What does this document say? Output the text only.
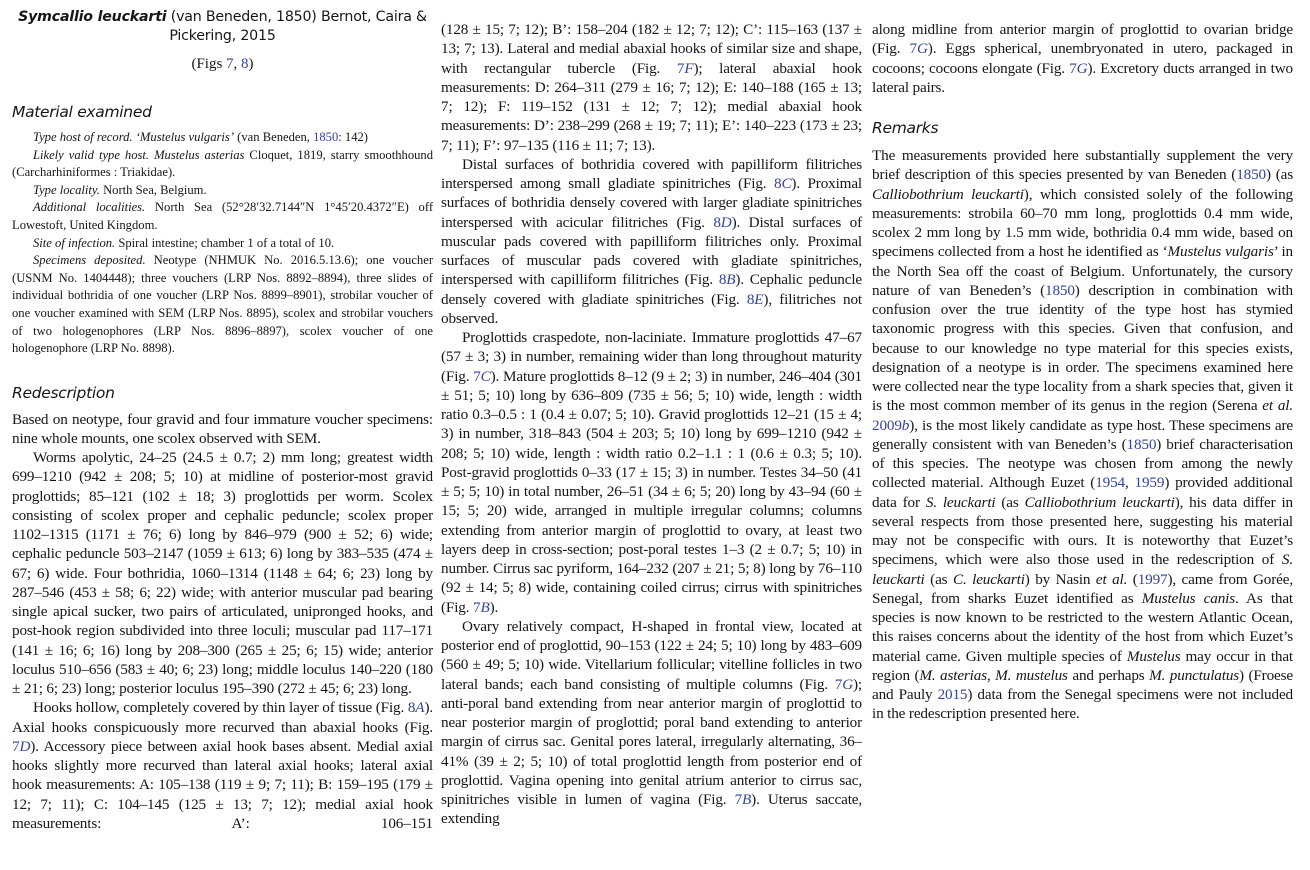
Symcallio leuckarti (van Beneden, 1850) Bernot, Caira & Pickering, 2015
(Figs 7, 8)
Material examined

Type host of record. ‘Mustelus vulgaris’ (van Beneden, 1850: 142)

Likely valid type host. Mustelus asterias Cloquet, 1819, starry smoothhound (Carcharhiniformes : Triakidae).

Type locality. North Sea, Belgium.

Additional localities. North Sea (52°28′32.7144″N 1°45′20.4372″E) off Lowestoft, United Kingdom.

Site of infection. Spiral intestine; chamber 1 of a total of 10.

Specimens deposited. Neotype (NHMUK No. 2016.5.13.6); one voucher (USNM No. 1404448); three vouchers (LRP Nos. 8892–8894), three slides of individual bothridia of one voucher (LRP Nos. 8899–8901), strobilar voucher of one voucher examined with SEM (LRP Nos. 8895), scolex and strobilar vouchers of two hologenophores (LRP Nos. 8896–8897), scolex voucher of one hologenophore (LRP No. 8898).

Redescription

Based on neotype, four gravid and four immature voucher specimens: nine whole mounts, one scolex observed with SEM.

Worms apolytic, 24–25 (24.5 ± 0.7; 2) mm long; greatest width 699–1210 (942 ± 208; 5; 10) at midline of posterior-most gravid proglottids; 85–121 (102 ± 18; 3) proglottids per worm. Scolex consisting of scolex proper and cephalic peduncle; scolex proper 1102–1315 (1171 ± 76; 6) long by 846–979 (900 ± 52; 6) wide; cephalic peduncle 503–2147 (1059 ± 613; 6) long by 383–535 (474 ± 67; 6) wide. Four bothridia, 1060–1314 (1148 ± 64; 6; 23) long by 287–546 (453 ± 58; 6; 22) wide; with anterior muscular pad bearing single apical sucker, two pairs of articulated, unipronged hooks, and post-hook region subdivided into three loculi; muscular pad 117–171 (141 ± 16; 6; 16) long by 208–300 (265 ± 25; 6; 15) wide; anterior loculus 510–656 (583 ± 40; 6; 23) long; middle loculus 140–220 (180 ± 21; 6; 23) long; posterior loculus 195–390 (272 ± 45; 6; 23) long.

Hooks hollow, completely covered by thin layer of tissue (Fig. 8A). Axial hooks conspicuously more recurved than abaxial hooks (Fig. 7D). Accessory piece between axial hook bases absent. Medial axial hooks slightly more recurved than lateral axial hooks; lateral axial hook measurements: A: 105–138 (119 ± 9; 7; 11); B: 159–195 (179 ± 12; 7; 11); C: 104–145 (125 ± 13; 7; 12); medial axial hook measurements: A’: 106–151

(128 ± 15; 7; 12); B’: 158–204 (182 ± 12; 7; 12); C’: 115–163 (137 ± 13; 7; 13). Lateral and medial abaxial hooks of similar size and shape, with rectangular tubercle (Fig. 7F); lateral abaxial hook measurements: D: 264–311 (279 ± 16; 7; 12); E: 140–188 (165 ± 13; 7; 12); F: 119–152 (131 ± 12; 7; 12); medial abaxial hook measurements: D’: 238–299 (268 ± 19; 7; 11); E’: 140–223 (173 ± 23; 7; 11); F’: 97–135 (116 ± 11; 7; 13).

Distal surfaces of bothridia covered with papilliform filitriches interspersed among small gladiate spinitriches (Fig. 8C). Proximal surfaces of bothridia densely covered with larger gladiate spinitriches interspersed with acicular filitriches (Fig. 8D). Distal surfaces of muscular pads covered with papilliform filitriches only. Proximal surfaces of muscular pads covered with gladiate spinitriches, interspersed with capilliform filitriches (Fig. 8B). Cephalic peduncle densely covered with gladiate spinitriches (Fig. 8E), filitriches not observed.

Proglottids craspedote, non-laciniate. Immature proglottids 47–67 (57 ± 3; 3) in number, remaining wider than long throughout maturity (Fig. 7C). Mature proglottids 8–12 (9 ± 2; 3) in number, 246–404 (301 ± 51; 5; 10) long by 636–809 (735 ± 56; 5; 10) wide, length : width ratio 0.3–0.5 : 1 (0.4 ± 0.07; 5; 10). Gravid proglottids 12–21 (15 ± 4; 3) in number, 318–843 (504 ± 203; 5; 10) long by 699–1210 (942 ± 208; 5; 10) wide, length : width ratio 0.2–1.1 : 1 (0.6 ± 0.3; 5; 10). Post-gravid proglottids 0–33 (17 ± 15; 3) in number. Testes 34–50 (41 ± 5; 5; 10) in total number, 26–51 (34 ± 6; 5; 20) long by 43–94 (60 ± 15; 5; 20) wide, arranged in multiple irregular columns; columns extending from anterior margin of proglottid to ovary, at least two layers deep in cross-section; post-poral testes 1–3 (2 ± 0.7; 5; 10) in number. Cirrus sac pyriform, 164–232 (207 ± 21; 5; 8) long by 76–110 (92 ± 14; 5; 8) wide, containing coiled cirrus; cirrus with spinitriches (Fig. 7B).

Ovary relatively compact, H-shaped in frontal view, located at posterior end of proglottid, 90–153 (122 ± 24; 5; 10) long by 483–609 (560 ± 49; 5; 10) wide. Vitellarium follicular; vitelline follicles in two lateral bands; each band consisting of multiple columns (Fig. 7G); anti-poral band extending from near anterior margin of proglottid to near posterior margin of proglottid; poral band extending to anterior margin of cirrus sac. Genital pores lateral, irregularly alternating, 36–41% (39 ± 2; 5; 10) of total proglottid length from posterior end of proglottid. Vagina opening into genital atrium anterior to cirrus sac, spinitriches visible in lumen of vagina (Fig. 7B). Uterus saccate, extending

along midline from anterior margin of proglottid to ovarian bridge (Fig. 7G). Eggs spherical, unembryonated in utero, packaged in cocoons; cocoons elongate (Fig. 7G). Excretory ducts arranged in two lateral pairs.

Remarks

The measurements provided here substantially supplement the very brief description of this species presented by van Beneden (1850) (as Calliobothrium leuckarti), which consisted solely of the following measurements: strobila 60–70 mm long, proglottids 0.4 mm wide, scolex 2 mm long by 1.5 mm wide, bothridia 0.4 mm wide, based on specimens collected from a host he identified as ‘Mustelus vulgaris’ in the North Sea off the coast of Belgium. Unfortunately, the cursory nature of van Beneden’s (1850) description in combination with confusion over the true identity of the type host has stymied taxonomic progress with this species. Given that confusion, and because to our knowledge no type material for this species exists, designation of a neotype is in order. The specimens examined here were collected near the type locality from a shark species that, given it is the most common member of its genus in the region (Serena et al. 2009b), is the most likely candidate as type host. These specimens are generally consistent with van Beneden’s (1850) brief characterisation of this species. The neotype was chosen from among the newly collected material. Although Euzet (1954, 1959) provided additional data for S. leuckarti (as Calliobothrium leuckarti), his data differ in several respects from those presented here, suggesting his material may not be conspecific with ours. It is noteworthy that Euzet’s specimens, which were also those used in the redescription of S. leuckarti (as C. leuckarti) by Nasin et al. (1997), came from Gorée, Senegal, from sharks Euzet identified as Mustelus canis. As that species is now known to be restricted to the western Atlantic Ocean, this raises concerns about the identity of the host from which Euzet’s material came. Given multiple species of Mustelus may occur in that region (M. asterias, M. mustelus and perhaps M. punctulatus) (Froese and Pauly 2015) data from the Senegal specimens were not included in the redescription presented here.
